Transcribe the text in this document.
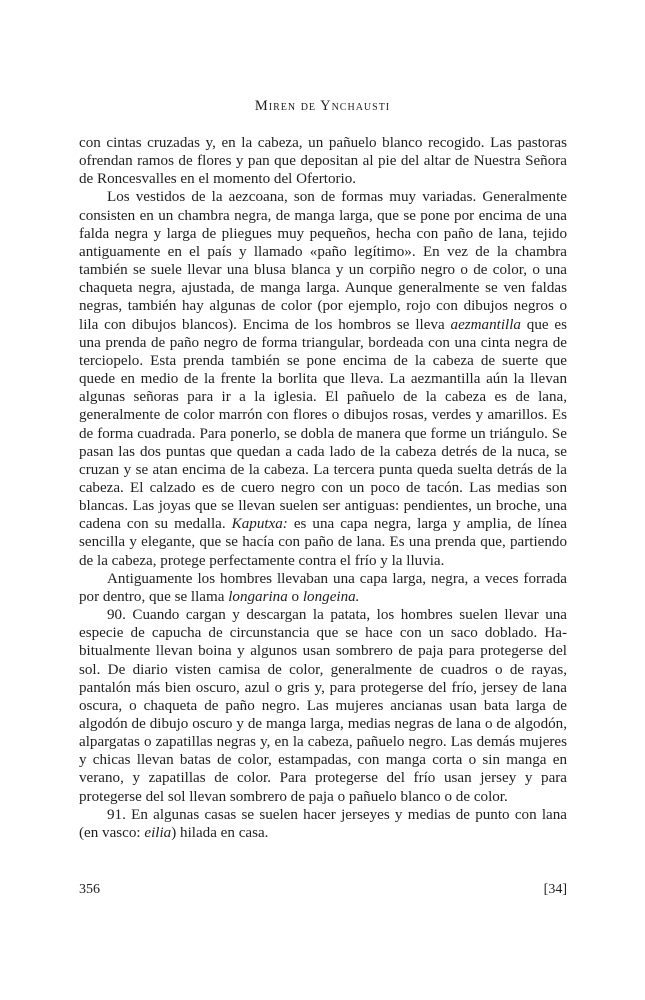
Miren de Ynchausti

con cintas cruzadas y, en la cabeza, un pañuelo blanco recogido. Las pastoras ofrendan ramos de flores y pan que depositan al pie del altar de Nuestra Señora de Roncesvalles en el momento del Ofertorio.

Los vestidos de la aezcoana, son de formas muy variadas. Generalmente consisten en un chambra negra, de manga larga, que se pone por encima de una falda negra y larga de pliegues muy pequeños, hecha con paño de lana, tejido antiguamente en el país y llamado «paño legítimo». En vez de la chambra también se suele llevar una blusa blanca y un corpiño negro o de color, o una chaqueta negra, ajustada, de manga larga. Aunque generalmente se ven faldas negras, también hay algunas de color (por ejemplo, rojo con dibujos negros o lila con dibujos blancos). Encima de los hombros se lleva aezmantilla que es una prenda de paño negro de forma triangular, bordeada con una cinta negra de terciopelo. Esta prenda también se pone encima de la cabeza de suerte que quede en medio de la frente la borlita que lleva. La aezmantilla aún la llevan algunas señoras para ir a la iglesia. El pañuelo de la cabeza es de lana, generalmente de color marrón con flores o dibujos rosas, verdes y amarillos. Es de forma cuadrada. Para ponerlo, se dobla de manera que forme un triángulo. Se pasan las dos puntas que quedan a cada lado de la cabeza detrés de la nuca, se cruzan y se atan encima de la cabeza. La tercera punta queda suelta detrás de la cabeza. El calzado es de cuero negro con un poco de tacón. Las medias son blancas. Las joyas que se llevan suelen ser antiguas: pendientes, un broche, una cadena con su medalla. Kaputxa: es una capa negra, larga y amplia, de línea sencilla y elegante, que se hacía con paño de lana. Es una prenda que, partiendo de la cabeza, protege perfectamente contra el frío y la lluvia.

Antiguamente los hombres llevaban una capa larga, negra, a veces forrada por dentro, que se llama longarina o longeina.

90. Cuando cargan y descargan la patata, los hombres suelen llevar una especie de capucha de circunstancia que se hace con un saco doblado. Habitualmente llevan boina y algunos usan sombrero de paja para protegerse del sol. De diario visten camisa de color, generalmente de cuadros o de rayas, pantalón más bien oscuro, azul o gris y, para protegerse del frío, jersey de lana oscura, o chaqueta de paño negro. Las mujeres ancianas usan bata larga de algodón de dibujo oscuro y de manga larga, medias negras de lana o de algodón, alpargatas o zapatillas negras y, en la cabeza, pañuelo negro. Las demás mujeres y chicas llevan batas de color, estampadas, con manga corta o sin manga en verano, y zapatillas de color. Para protegerse del frío usan jersey y para protegerse del sol llevan sombrero de paja o pañuelo blanco o de color.

91. En algunas casas se suelen hacer jerseyes y medias de punto con lana (en vasco: eilia) hilada en casa.

356	[34]
